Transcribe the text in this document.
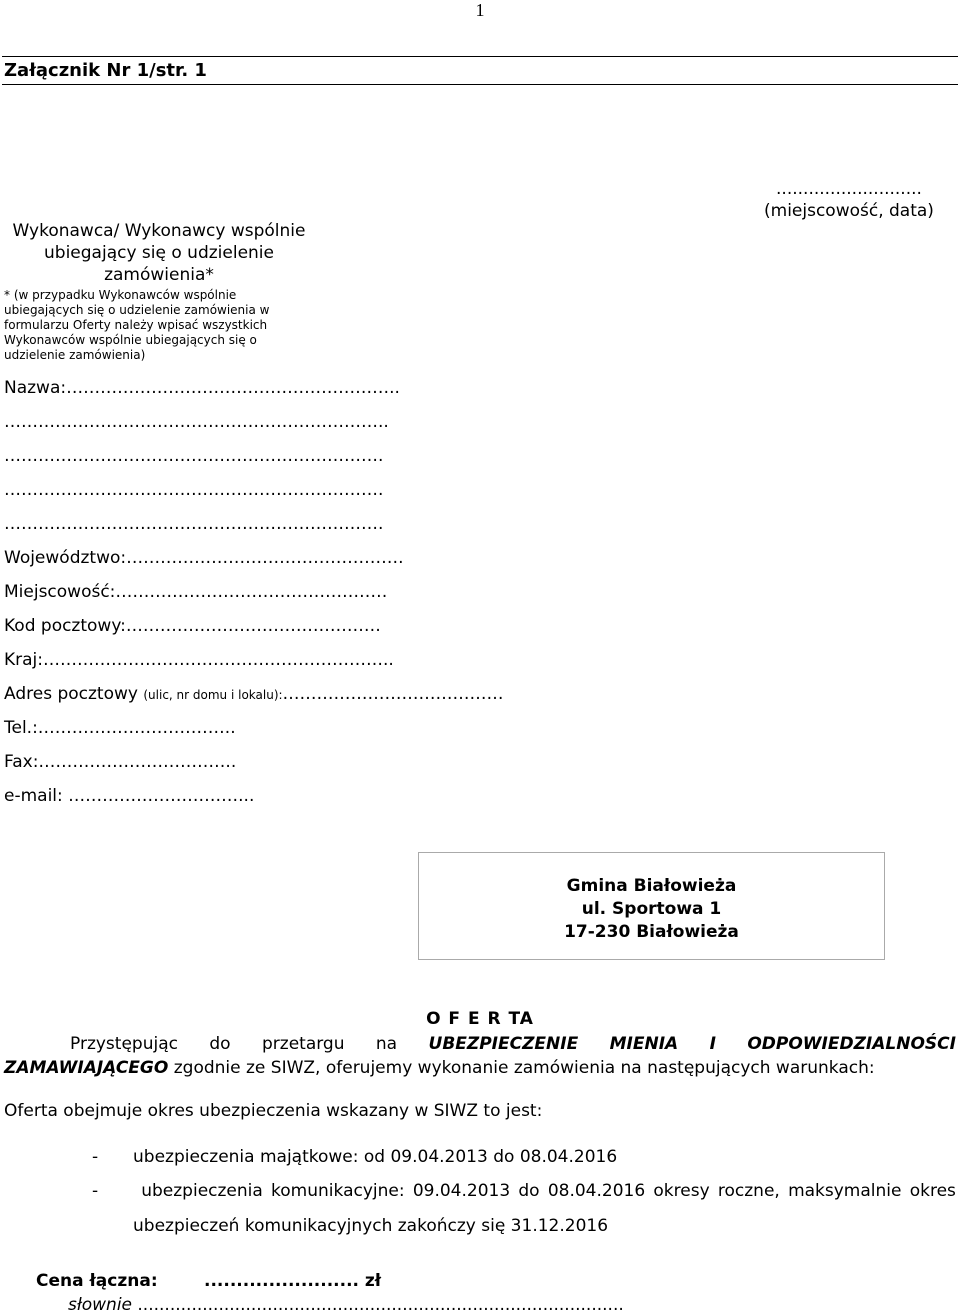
1
Załącznik Nr 1/str. 1
...........................
(miejscowość, data)
Wykonawca/ Wykonawcy wspólnie ubiegający się o udzielenie zamówienia*
* (w przypadku Wykonawców wspólnie ubiegających się o udzielenie zamówienia w formularzu Oferty należy wpisać wszystkich Wykonawców wspólnie ubiegających się o udzielenie zamówienia)
Nazwa:…………………………………………………..
…………………………………………………………..
………………………………………………………….
………………………………………………………….
………………………………………………………….
Województwo:………………………………………….
Miejscowość:…………………………………………
Kod pocztowy:………………………………………
Kraj:……………………………………………………..
Adres pocztowy (ulic, nr domu i lokalu):…………………………………
Tel.:……………………………..
Fax:……………………………..
e-mail: …………………………...
Gmina Białowieża
ul. Sportowa 1
17-230 Białowieża
O F E R TA
Przystępując do przetargu na UBEZPIECZENIE MIENIA I ODPOWIEDZIALNOŚCI
ZAMAWIAJĄCEGO zgodnie ze SIWZ, oferujemy wykonanie zamówienia na następujących warunkach:
Oferta obejmuje okres ubezpieczenia wskazany w SIWZ to jest:
- ubezpieczenia majątkowe: od 09.04.2013 do 08.04.2016
-	ubezpieczenia komunikacyjne: 09.04.2013 do 08.04.2016 okresy roczne, maksymalnie okres
ubezpieczeń komunikacyjnych zakończy się 31.12.2016
Cena łączna:	........................ zł
słownie ..........................................................................................
